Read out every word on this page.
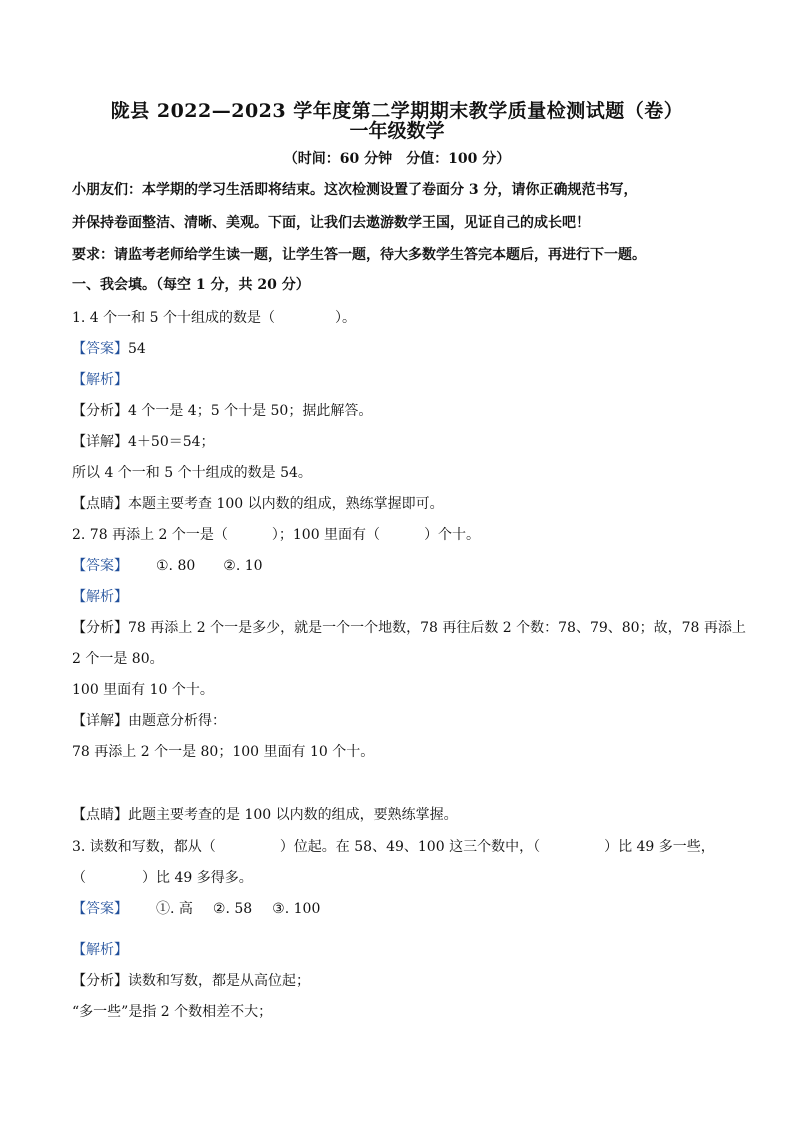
陇县 2022—2023 学年度第二学期期末教学质量检测试题（卷）
一年级数学
（时间：60 分钟　分值：100 分）
小朋友们：本学期的学习生活即将结束。这次检测设置了卷面分 3 分，请你正确规范书写，
并保持卷面整洁、清晰、美观。下面，让我们去遨游数学王国，见证自己的成长吧！
要求：请监考老师给学生读一题，让学生答一题，待大多数学生答完本题后，再进行下一题。
一、我会填。（每空 1 分，共 20 分）
1. 4 个一和 5 个十组成的数是（	）。
【答案】54
【解析】
【分析】4 个一是 4；5 个十是 50；据此解答。
【详解】4＋50＝54；
所以 4 个一和 5 个十组成的数是 54。
【点睛】本题主要考查 100 以内数的组成，熟练掌握即可。
2. 78 再添上 2 个一是（	）；100 里面有（	）个十。
【答案】 ①. 80 ②. 10
【解析】
【分析】78 再添上 2 个一是多少，就是一个一个地数，78 再往后数 2 个数：78、79、80；故，78 再添上
2 个一是 80。
100 里面有 10 个十。
【详解】由题意分析得：
78 再添上 2 个一是 80；100 里面有 10 个十。
【点睛】此题主要考查的是 100 以内数的组成，要熟练掌握。
3. 读数和写数，都从（	）位起。在 58、49、100 这三个数中，（	）比 49 多一些，
（	）比 49 多得多。
【答案】 ①. 高 ②. 58 ③. 100
【解析】
【分析】读数和写数，都是从高位起；
“多一些”是指 2 个数相差不大；
